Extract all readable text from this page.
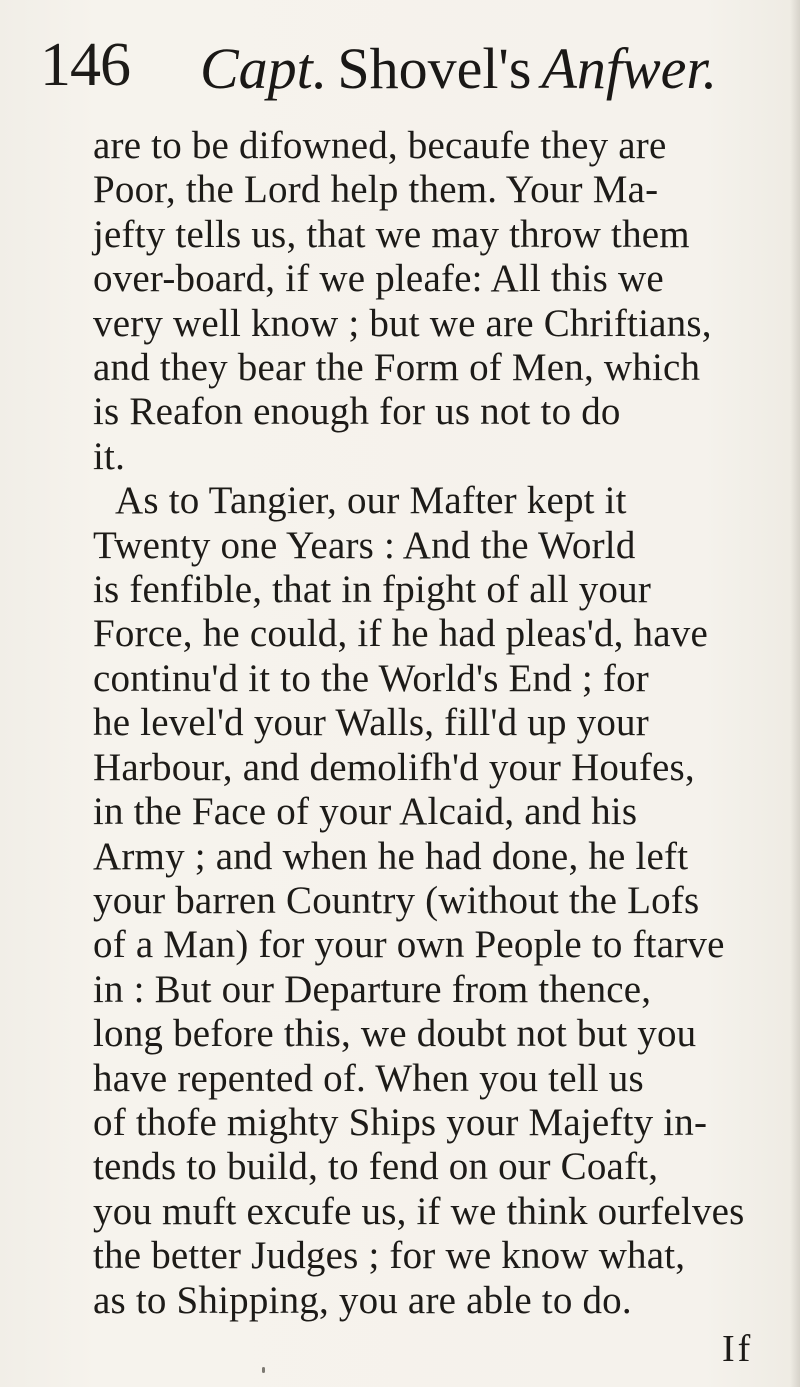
146 Capt. Shovel's Anfwer.
are to be difowned, becaufe they are
Poor, the Lord help them. Your Ma-
jefty tells us, that we may throw them
over-board, if we pleafe: All this we
very well know ; but we are Chriftians,
and they bear the Form of Men, which
is Reafon enough for us not to do
it.
As to Tangier, our Mafter kept it
Twenty one Years : And the World
is fenfible, that in fpight of all your
Force, he could, if he had pleas'd, have
continu'd it to the World's End ; for
he level'd your Walls, fill'd up your
Harbour, and demolifh'd your Houfes,
in the Face of your Alcaid, and his
Army ; and when he had done, he left
your barren Country (without the Lofs
of a Man) for your own People to ftarve
in : But our Departure from thence,
long before this, we doubt not but you
have repented of. When you tell us
of thofe mighty Ships your Majefty in-
tends to build, to fend on our Coaft,
you muft excufe us, if we think ourfelves
the better Judges ; for we know what,
as to Shipping, you are able to do.
If
